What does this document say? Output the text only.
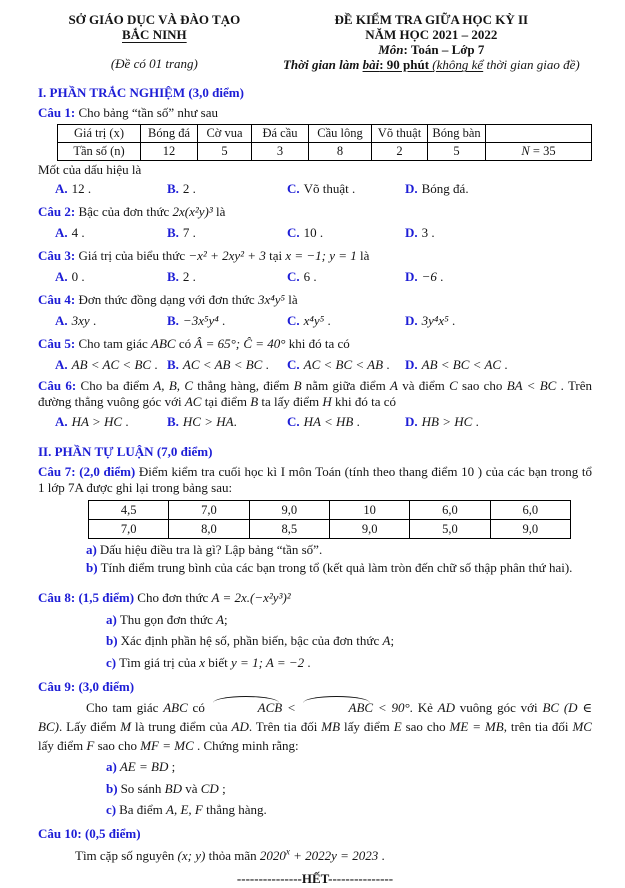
SỞ GIÁO DỤC VÀ ĐÀO TẠO
BẮC NINH
(Đề có 01 trang)
ĐỀ KIỂM TRA GIỮA HỌC KỲ II
NĂM HỌC 2021 – 2022
Môn: Toán – Lớp 7
Thời gian làm bài: 90 phút (không kể thời gian giao đề)
I. PHẦN TRẮC NGHIỆM (3,0 điểm)

Câu 1: Cho bảng “tần số” như sau

Giá trị (x)	Bóng đá	Cờ vua	Đá cầu	Cầu lông	Võ thuật	Bóng bàn	
Tần số (n)	12	5	3	8	2	5	N = 35

Mốt của dấu hiệu là

A. 12 .	B. 2 .	C. Võ thuật .	D. Bóng đá.

Câu 2: Bậc của đơn thức 2x(x²y)³ là

A. 4 .	B. 7 .	C. 10 .	D. 3 .

Câu 3: Giá trị của biểu thức −x² + 2xy² + 3 tại x = −1; y = 1 là

A. 0 .	B. 2 .	C. 6 .	D. −6 .

Câu 4: Đơn thức đồng dạng với đơn thức 3x⁴y⁵ là

A. 3xy .	B. −3x⁵y⁴ .	C. x⁴y⁵ .	D. 3y⁴x⁵ .

Câu 5: Cho tam giác ABC có Â = 65°; Ĉ = 40° khi đó ta có

A. AB < AC < BC . B. AC < AB < BC .	C. AC < BC < AB .	D. AB < BC < AC .

Câu 6: Cho ba điểm A, B, C thẳng hàng, điểm B nằm giữa điểm A và điểm C sao cho BA < BC . Trên đường thẳng vuông góc với AC tại điểm B ta lấy điểm H khi đó ta có

A. HA > HC .	B. HC > HA.	C. HA < HB .	D. HB > HC .
II. PHẦN TỰ LUẬN (7,0 điểm)

Câu 7: (2,0 điểm) Điểm kiểm tra cuối học kì I môn Toán (tính theo thang điểm 10 ) của các bạn trong tổ 1 lớp 7A được ghi lại trong bảng sau:

4,5	7,0	9,0	10	6,0	6,0
7,0	8,0	8,5	9,0	5,0	9,0

a) Dấu hiệu điều tra là gì? Lập bảng “tần số”.

b) Tính điểm trung bình của các bạn trong tổ (kết quả làm tròn đến chữ số thập phân thứ hai).

Câu 8: (1,5 điểm) Cho đơn thức A = 2x.(−x²y³)²

a) Thu gọn đơn thức A;

b) Xác định phần hệ số, phần biến, bậc của đơn thức A;

c) Tìm giá trị của x biết y = 1; A = −2 .

Câu 9: (3,0 điểm)

Cho tam giác ABC có	ACB <	ABC < 90°. Kẻ AD vuông góc với BC (D ∈ BC). Lấy điểm M là trung điểm của AD. Trên tia đối MB lấy điểm E sao cho ME = MB, trên tia đối MC lấy điểm F sao cho MF = MC . Chứng minh rằng:

a) AE = BD ;

b) So sánh BD và CD ;

c) Ba điểm A, E, F thẳng hàng.

Câu 10: (0,5 điểm)

Tìm cặp số nguyên (x; y) thỏa mãn $2020^x + 2022y = 2023$ .

---------------HẾT---------------
